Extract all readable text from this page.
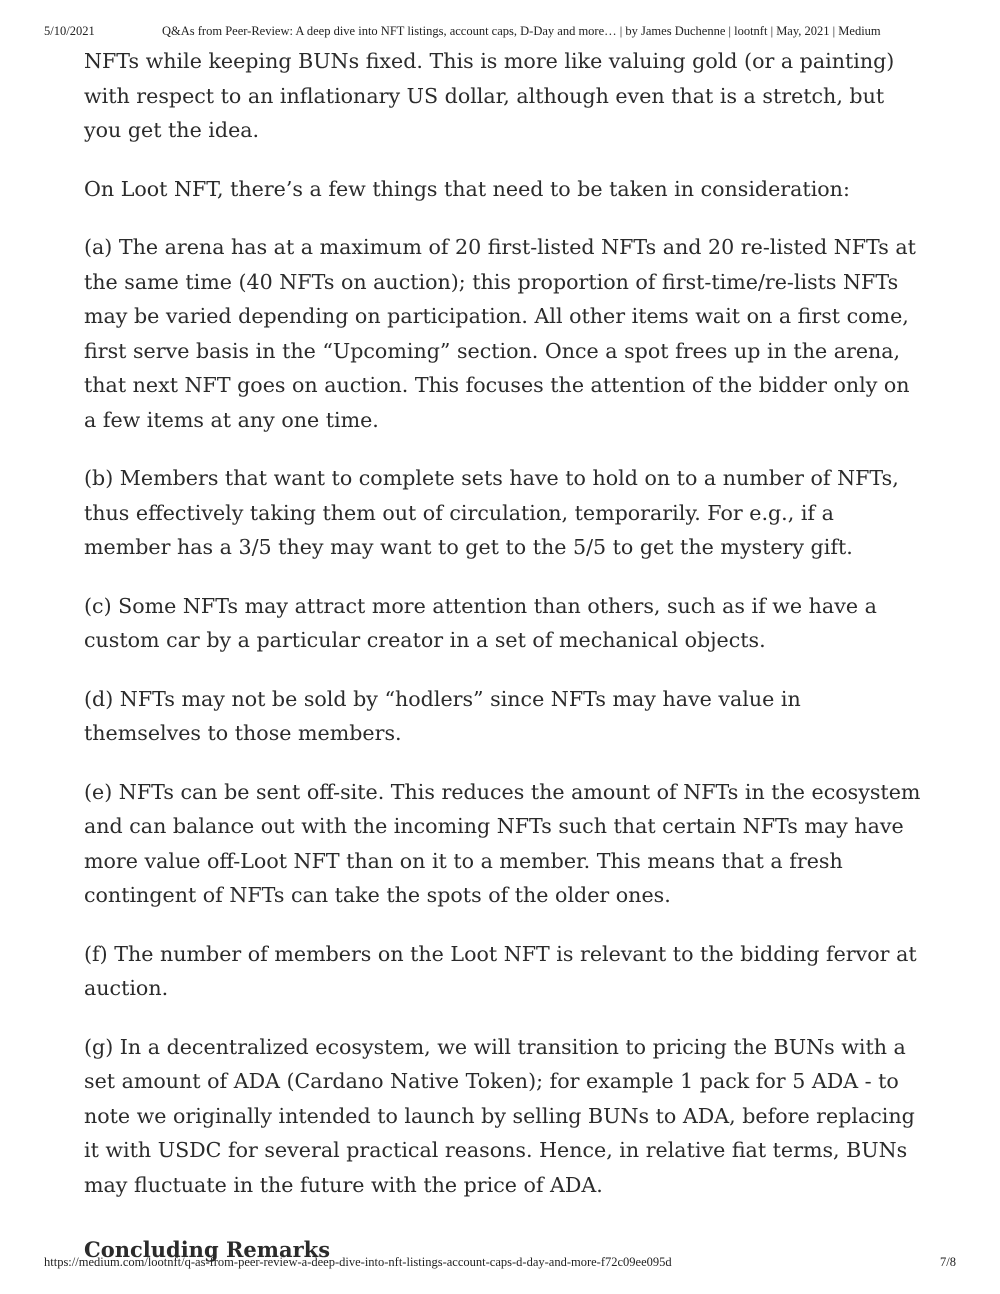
5/10/2021	Q&As from Peer-Review: A deep dive into NFT listings, account caps, D-Day and more… | by James Duchenne | lootnft | May, 2021 | Medium

NFTs while keeping BUNs fixed. This is more like valuing gold (or a painting) with respect to an inflationary US dollar, although even that is a stretch, but you get the idea.

On Loot NFT, there’s a few things that need to be taken in consideration:

(a) The arena has at a maximum of 20 first-listed NFTs and 20 re-listed NFTs at the same time (40 NFTs on auction); this proportion of first-time/re-lists NFTs may be varied depending on participation. All other items wait on a first come, first serve basis in the “Upcoming” section. Once a spot frees up in the arena, that next NFT goes on auction. This focuses the attention of the bidder only on a few items at any one time.

(b) Members that want to complete sets have to hold on to a number of NFTs, thus effectively taking them out of circulation, temporarily. For e.g., if a member has a 3/5 they may want to get to the 5/5 to get the mystery gift.

(c) Some NFTs may attract more attention than others, such as if we have a custom car by a particular creator in a set of mechanical objects.

(d) NFTs may not be sold by “hodlers” since NFTs may have value in themselves to those members.

(e) NFTs can be sent off-site. This reduces the amount of NFTs in the ecosystem and can balance out with the incoming NFTs such that certain NFTs may have more value off-Loot NFT than on it to a member. This means that a fresh contingent of NFTs can take the spots of the older ones.

(f) The number of members on the Loot NFT is relevant to the bidding fervor at auction.

(g) In a decentralized ecosystem, we will transition to pricing the BUNs with a set amount of ADA (Cardano Native Token); for example 1 pack for 5 ADA - to note we originally intended to launch by selling BUNs to ADA, before replacing it with USDC for several practical reasons. Hence, in relative fiat terms, BUNs may fluctuate in the future with the price of ADA.

Concluding Remarks
https://medium.com/lootnft/q-as-from-peer-review-a-deep-dive-into-nft-listings-account-caps-d-day-and-more-f72c09ee095d	7/8
